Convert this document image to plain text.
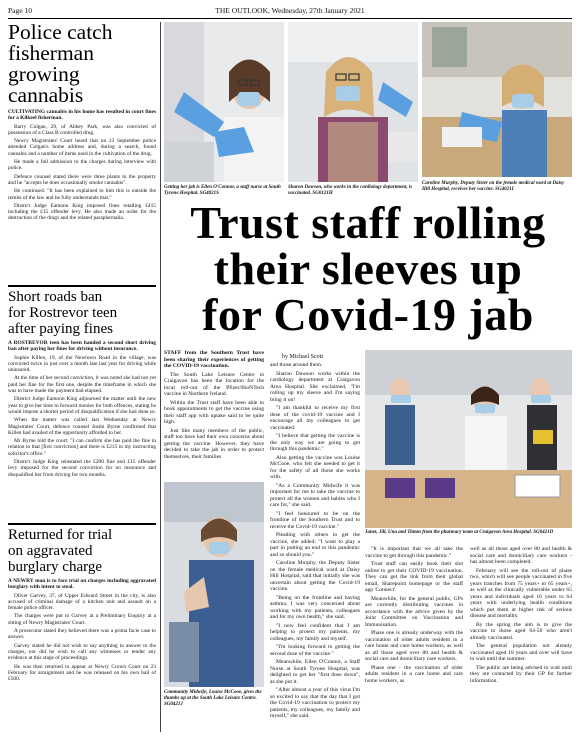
Page 10	THE OUTLOOK, Wednesday, 27th January 2021
Police catch
fisherman
growing
cannabis

CULTIVATING cannabis in his home has resulted in court fines for a Kilkeel fisherman.

Barry Colgan, 29, of Abbey Park, was also convicted of possession of a Class B controlled drug.

Newry Magistrates' Court heard that on 23 September police attended Colgan's home address and, during a search, found cannabis and a number of items used in the cultivation of the drug.

He made a full admission to the charges during interview with police.

Defence counsel stated there were three plants in the property and he "accepts he does occasionally smoke cannabis".

He continued: "It has been explained to him this is outside the remits of the law and he fully understands that."

District Judge Eamonn King imposed fines totalling £415 including the £15 offender levy. He also made an order for the destruction of the drugs and the related paraphernalia.

Short roads ban
for Rostrevor teen
after paying fines

A ROSTREVOR teen has been handed a second short driving ban after paying her fines for driving without insurance.

Sophie Killen, 19, of the Newtown Road in the village, was convicted twice in just over a month late last year for driving while uninsured.

At the time of her second conviction, it was noted she had not yet paid her fine for the first one, despite the timeframe in which she was to have made the payment had elapsed.

District Judge Eamonn King adjourned the matter until the new year to give her time to forward monies for both offences, stating he would impose a shorter period of disqualification if she had done so.

When the matter was called last Wednesday at Newry Magistrates' Court, defence counsel Justin Byrne confirmed that Killen had availed of the opportunity afforded to her.

Mr Byrne told the court: "I can confirm she has paid the fine in relation to that [first conviction] and there is £215 in my instructing solicitor's office."

District Judge King reinstated the £200 fine and £15 offender levy imposed for the second conviction for no insurance and disqualified her from driving for two months.

Returned for trial
on aggravated
burglary charge

A NEWRY man is to face trial on charges including aggravated burglary with intent to steal.

Oliver Garvey, 37, of Upper Edward Street in the city, is also accused of criminal damage of a kitchen unit and assault on a female police officer.

The charges were put to Garvey at a Preliminary Enquiry at a sitting of Newry Magistrates' Court.

A prosecutor stated they believed there was a prima facie case to answer.

Garvey stated he did not wish to say anything in answer to the charges, nor did he wish to call any witnesses or tender any evidence at this stage of proceedings.

He was then returned to appear at Newry Crown Court on 23 February for arraignment and he was released on his own bail of £500.

Getting her jab is Ellen O'Connor, a staff nurse at South Tyrone Hospital. SG4021S
Sharon Dawson, who works in the cardiology department, is vaccinated. SG0121H
Caroline Murphy, Deputy Sister on the female medical ward at Daisy Hill Hospital, receives her vaccine. SG4021I
Trust staff rolling
their sleeves up
for Covid-19 jab

STAFF from the Southern Trust have been sharing their experiences of getting the COVID-19 vaccination.

The South Lake Leisure Centre in Craigavon has been the location for the local roll-out of the Pfizer/BioNTech vaccine in Northern Ireland.

Within the Trust staff have been able to book appointments to get the vaccine using their staff app with uptake said to be quite high.

Just like many members of the public, staff too have had their own concerns about getting the vaccine. However, they have decided to take the jab in order to protect themselves, their families

by Michael Scott

and those around them.

Sharon Dawson works within the cardiology department at Craigavon Area Hospital. She exclaimed, "I'm rolling up my sleeve and I'm saying bring it on!

"I am thankful to receive my first dose of the covid-19 vaccine and I encourage all my colleagues to get vaccinated.

"I believe that getting the vaccine is the only way we are going to get through this pandemic."

Also getting the vaccine was Louise McCooe, who felt she needed to get it for the safety of all those she works with.

"As a Community Midwife it was important for me to take the vaccine to protect all the women and babies who I care for," she said.

"I feel honoured to be on the frontline of the Southern Trust and to receive the Covid-19 vaccine."

Pleading with others to get the vaccine, she added: "I want to play a part in putting an end to this pandemic and so should you."

Caroline Murphy, the Deputy Sister on the female medical ward at Daisy Hill Hospital, said that initially she was uncertain about getting the Covid-19 vaccine.

"Being on the frontline and having asthma, I was very concerned about working with my patients, colleagues and for my own health," she said.

"I now feel confident that I am helping to protect my patients, my colleagues, my family and myself.

"I'm looking forward to getting the second dose of the vaccine."

Meanwhile, Ellen O'Connor, a Staff Nurse at South Tyrone Hospital, was delighted to get her "first dose down", as she put it.

"After almost a year of this virus I'm so excited to say that the day that I got the Covid-19 vaccination to protect my patients, my colleagues, my family and myself," she said.

Community Midwife, Louise McCooe, gives the thumbs up at the South Lake Leisure Centre. SG0421J
Janet, Jill, Una and Tintan from the pharmacy team at Craigavon Area Hospital. SG0421D

"It is important that we all take the vaccine to get through this pandemic."

Trust staff can easily book their slot online to get their COVID-19 vaccination. They can get the link from their global email, Sharepoint homepage or the staff app 'Connect'.

Meanwhile, for the general public, GPs are currently distributing vaccines in accordance with the advice given by the Joint Committee on Vaccination and Immunisation.

Phase one is already underway with the vaccination of older adults resident in a care home and care home workers, as well as all those aged over 80 and health & social care and domiciliary care workers.

Phase one - the vaccination of older adults resident in a care home and care home workers, as

well as all those aged over 80 and health & social care and domiciliary care workers - has almost been completed.

February will see the roll-out of phase two, which will see people vaccinated in five years tranches from 75 years+ to 65 years+, as well as the clinically vulnerable under 65 years and individuals aged 16 years to 64 years with underlying health conditions which put them at higher risk of serious disease and mortality.

By the spring the aim is to give the vaccine to those aged 64-50 who aren't already vaccinated.

The general population not already vaccinated aged 18 years and over will have to wait until the summer.

The public are being advised to wait until they are contacted by their GP for further information.
